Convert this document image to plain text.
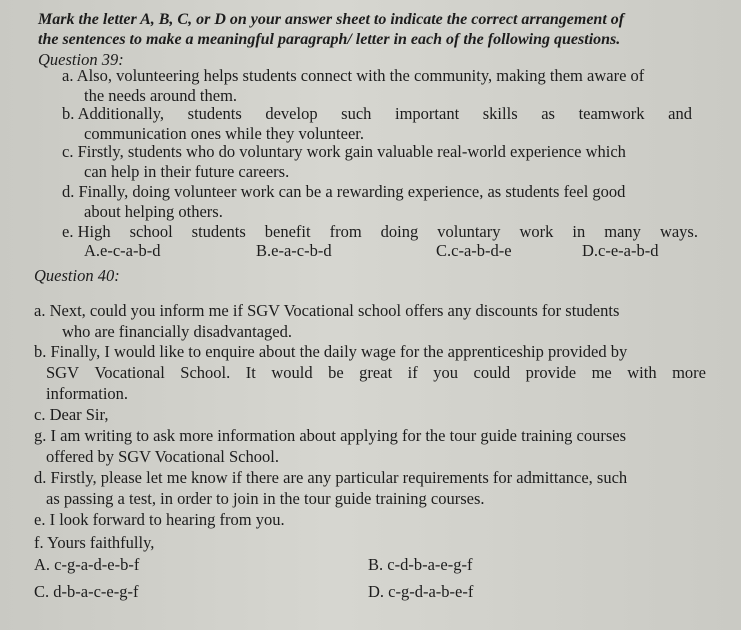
Mark the letter A, B, C, or D on your answer sheet to indicate the correct arrangement of
the sentences to make a meaningful paragraph/ letter in each of the following questions.
Question 39:
a. Also, volunteering helps students connect with the community, making them aware of
the needs around them.
b. Additionally, students develop such important skills as teamwork and
communication ones while they volunteer.
c. Firstly, students who do voluntary work gain valuable real-world experience which
can help in their future careers.
d. Finally, doing volunteer work can be a rewarding experience, as students feel good
about helping others.
e. High school students benefit from doing voluntary work in many ways.
A.e-c-a-b-d	B.e-a-c-b-d	C.c-a-b-d-e	D.c-e-a-b-d
Question 40:
a. Next, could you inform me if SGV Vocational school offers any discounts for students
who are financially disadvantaged.
b. Finally, I would like to enquire about the daily wage for the apprenticeship provided by
SGV Vocational School. It would be great if you could provide me with more
information.
c. Dear Sir,
g. I am writing to ask more information about applying for the tour guide training courses
offered by SGV Vocational School.
d. Firstly, please let me know if there are any particular requirements for admittance, such
as passing a test, in order to join in the tour guide training courses.
e. I look forward to hearing from you.
f. Yours faithfully,
A. c-g-a-d-e-b-f	B. c-d-b-a-e-g-f
C. d-b-a-c-e-g-f	D. c-g-d-a-b-e-f
